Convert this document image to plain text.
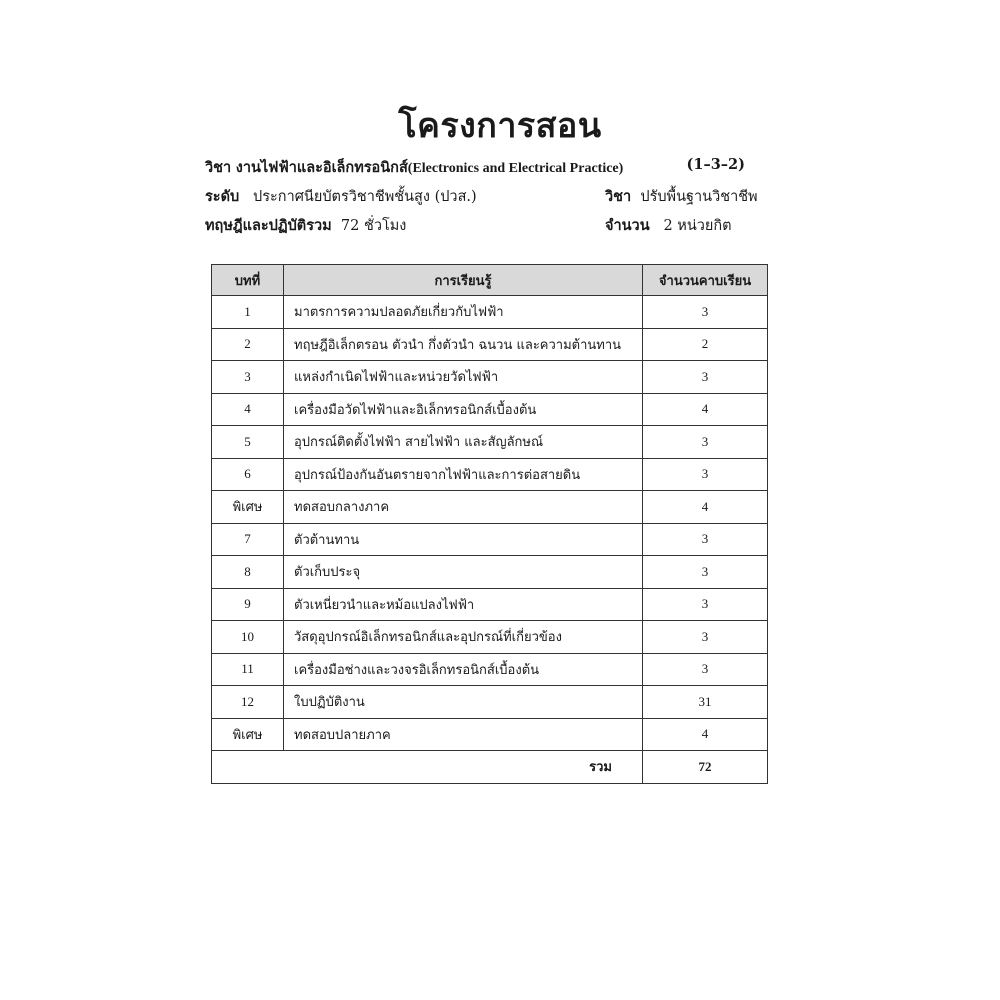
โครงการสอน
วิชา งานไฟฟ้าและอิเล็กทรอนิกส์(Electronics and Electrical Practice)	(1–3–2)
ระดับ ประกาศนียบัตรวิชาชีพชั้นสูง (ปวส.)	วิชา ปรับพื้นฐานวิชาชีพ
ทฤษฎีและปฏิบัติรวม 72 ชั่วโมง	จำนวน 2 หน่วยกิต
บทที่	การเรียนรู้	จำนวนคาบเรียน
1	มาตรการความปลอดภัยเกี่ยวกับไฟฟ้า	3
2	ทฤษฎีอิเล็กตรอน ตัวนำ กึ่งตัวนำ ฉนวน และความต้านทาน	2
3	แหล่งกำเนิดไฟฟ้าและหน่วยวัดไฟฟ้า	3
4	เครื่องมือวัดไฟฟ้าและอิเล็กทรอนิกส์เบื้องต้น	4
5	อุปกรณ์ติดตั้งไฟฟ้า สายไฟฟ้า และสัญลักษณ์	3
6	อุปกรณ์ป้องกันอันตรายจากไฟฟ้าและการต่อสายดิน	3
พิเศษ	ทดสอบกลางภาค	4
7	ตัวต้านทาน	3
8	ตัวเก็บประจุ	3
9	ตัวเหนี่ยวนำและหม้อแปลงไฟฟ้า	3
10	วัสดุอุปกรณ์อิเล็กทรอนิกส์และอุปกรณ์ที่เกี่ยวข้อง	3
11	เครื่องมือช่างและวงจรอิเล็กทรอนิกส์เบื้องต้น	3
12	ใบปฏิบัติงาน	31
พิเศษ	ทดสอบปลายภาค	4
รวม		72
